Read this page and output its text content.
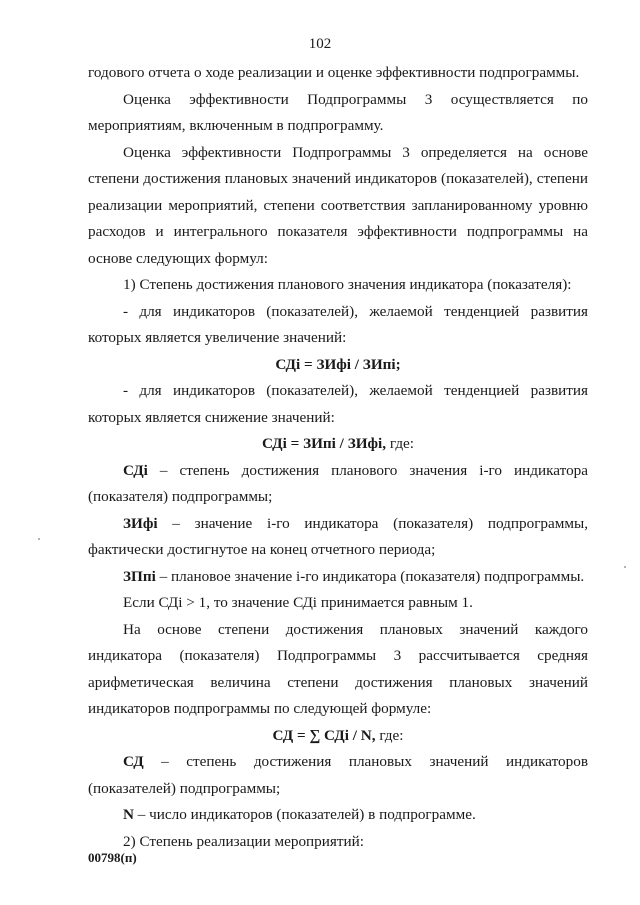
102

годового отчета о ходе реализации и оценке эффективности подпрограммы.

Оценка эффективности Подпрограммы 3 осуществляется по мероприятиям, включенным в подпрограмму.

Оценка эффективности Подпрограммы 3 определяется на основе степени достижения плановых значений индикаторов (показателей), степени реализации мероприятий, степени соответствия запланированному уровню расходов и интегрального показателя эффективности подпрограммы на основе следующих формул:

1) Степень достижения планового значения индикатора (показателя):

- для индикаторов (показателей), желаемой тенденцией развития которых является увеличение значений:

СДі = ЗИфі / ЗИпі;

- для индикаторов (показателей), желаемой тенденцией развития которых является снижение значений:

СДі = ЗИпі / ЗИфі, где:

СДі – степень достижения планового значения і-го индикатора (показателя) подпрограммы;

ЗИфі – значение і-го индикатора (показателя) подпрограммы, фактически достигнутое на конец отчетного периода;

ЗПпі – плановое значение і-го индикатора (показателя) подпрограммы.

Если СДі > 1, то значение СДі принимается равным 1.

На основе степени достижения плановых значений каждого индикатора (показателя) Подпрограммы 3 рассчитывается средняя арифметическая величина степени достижения плановых значений индикаторов подпрограммы по следующей формуле:

СД = ∑ СДі / N, где:

СД – степень достижения плановых значений индикаторов (показателей) подпрограммы;

N – число индикаторов (показателей) в подпрограмме.

2) Степень реализации мероприятий:

00798(п)
